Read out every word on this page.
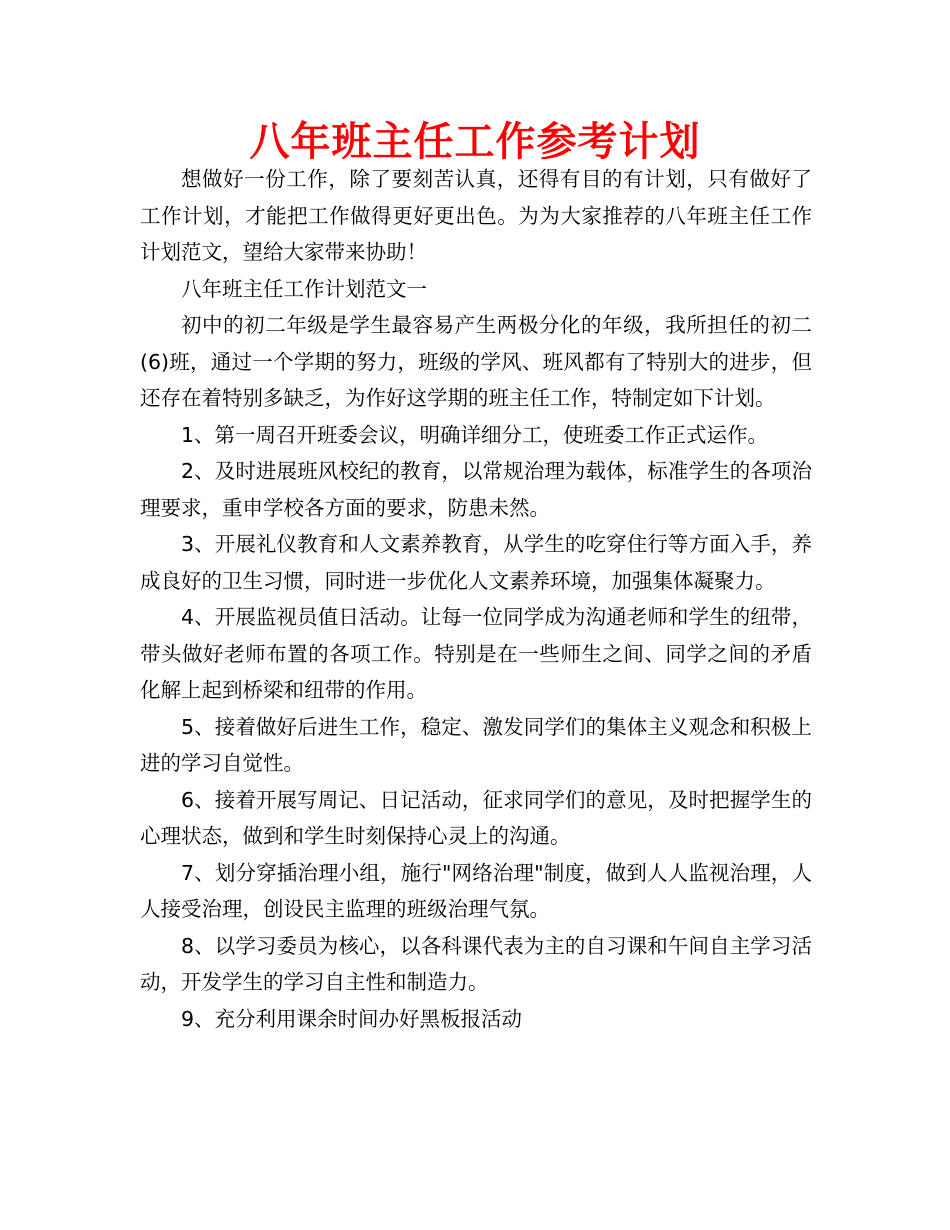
八年班主任工作参考计划

想做好一份工作，除了要刻苦认真，还得有目的有计划，只有做好了工作计划，才能把工作做得更好更出色。为为大家推荐的八年班主任工作计划范文，望给大家带来协助！

八年班主任工作计划范文一

初中的初二年级是学生最容易产生两极分化的年级，我所担任的初二(6)班，通过一个学期的努力，班级的学风、班风都有了特别大的进步，但还存在着特别多缺乏，为作好这学期的班主任工作，特制定如下计划。

1、第一周召开班委会议，明确详细分工，使班委工作正式运作。

2、及时进展班风校纪的教育，以常规治理为载体，标准学生的各项治理要求，重申学校各方面的要求，防患未然。

3、开展礼仪教育和人文素养教育，从学生的吃穿住行等方面入手，养成良好的卫生习惯，同时进一步优化人文素养环境，加强集体凝聚力。

4、开展监视员值日活动。让每一位同学成为沟通老师和学生的纽带，带头做好老师布置的各项工作。特别是在一些师生之间、同学之间的矛盾化解上起到桥梁和纽带的作用。

5、接着做好后进生工作，稳定、激发同学们的集体主义观念和积极上进的学习自觉性。

6、接着开展写周记、日记活动，征求同学们的意见，及时把握学生的心理状态，做到和学生时刻保持心灵上的沟通。

7、划分穿插治理小组，施行"网络治理"制度，做到人人监视治理，人人接受治理，创设民主监理的班级治理气氛。

8、以学习委员为核心，以各科课代表为主的自习课和午间自主学习活动，开发学生的学习自主性和制造力。

9、充分利用课余时间办好黑板报活动
